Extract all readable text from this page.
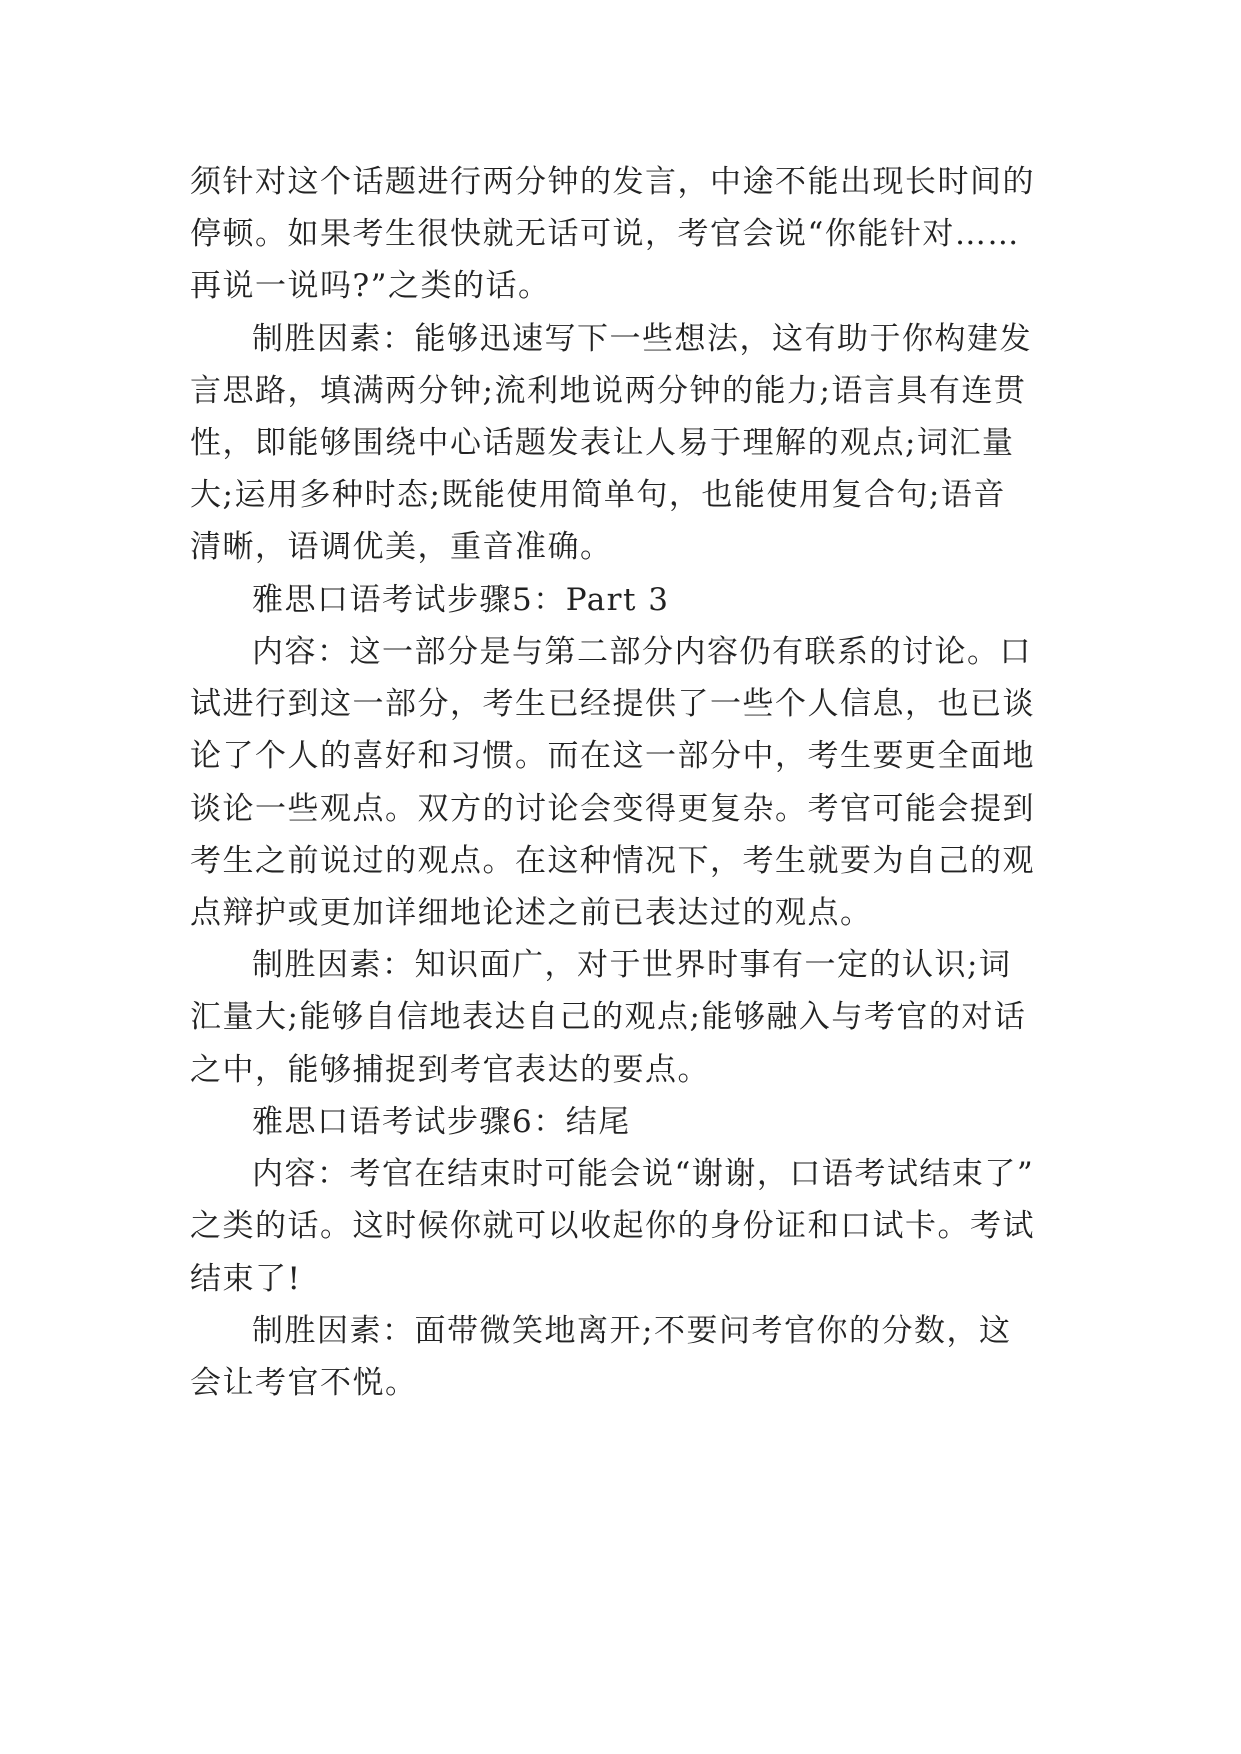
须针对这个话题进行两分钟的发言，中途不能出现长时间的
停顿。如果考生很快就无话可说，考官会说“你能针对……
再说一说吗?”之类的话。
制胜因素：能够迅速写下一些想法，这有助于你构建发
言思路，填满两分钟;流利地说两分钟的能力;语言具有连贯
性，即能够围绕中心话题发表让人易于理解的观点;词汇量
大;运用多种时态;既能使用简单句，也能使用复合句;语音
清晰，语调优美，重音准确。
雅思口语考试步骤5：Part 3
内容：这一部分是与第二部分内容仍有联系的讨论。口
试进行到这一部分，考生已经提供了一些个人信息，也已谈
论了个人的喜好和习惯。而在这一部分中，考生要更全面地
谈论一些观点。双方的讨论会变得更复杂。考官可能会提到
考生之前说过的观点。在这种情况下，考生就要为自己的观
点辩护或更加详细地论述之前已表达过的观点。
制胜因素：知识面广，对于世界时事有一定的认识;词
汇量大;能够自信地表达自己的观点;能够融入与考官的对话
之中，能够捕捉到考官表达的要点。
雅思口语考试步骤6：结尾
内容：考官在结束时可能会说“谢谢，口语考试结束了”
之类的话。这时候你就可以收起你的身份证和口试卡。考试
结束了!
制胜因素：面带微笑地离开;不要问考官你的分数，这
会让考官不悦。
